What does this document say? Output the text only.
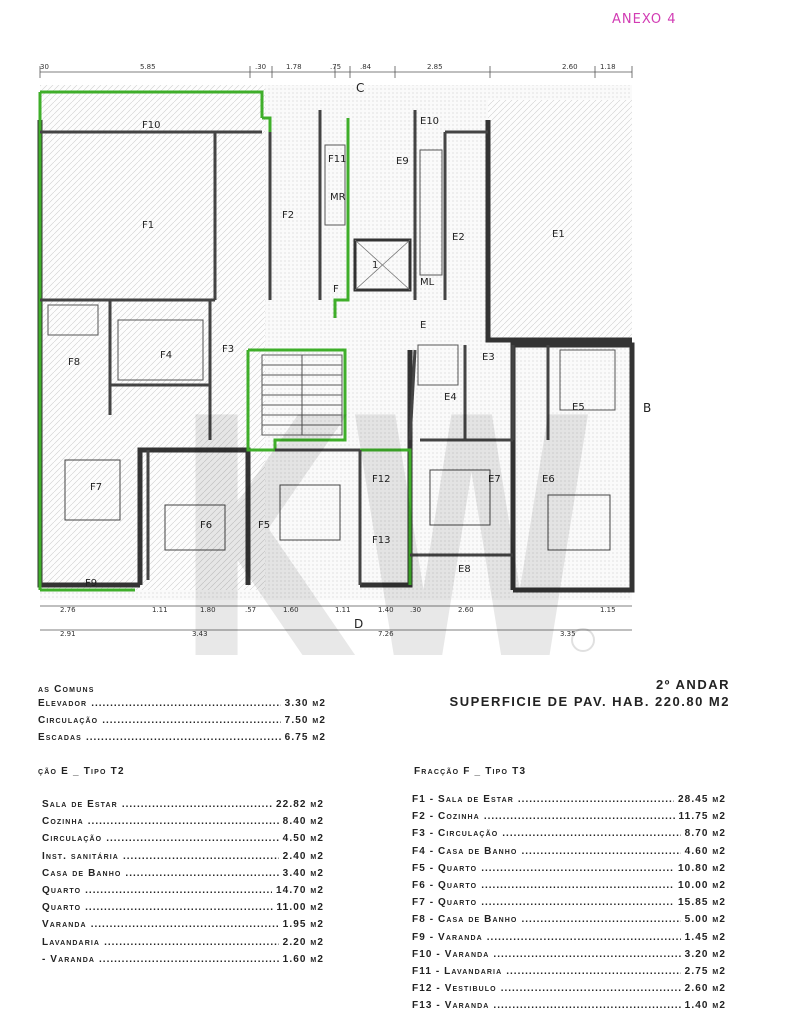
ANEXO 4
30	5.85	.30	1.78	.75	.84	2.85	2.60	1.18
C
D
B
F10
F11
F2
F1
F3
F4
F8
F7
F6	F5
F9
F12
F13
E10
E9
E2	E1
E3
E4
E5
E6
E7
E8
1
ML
MR
F
E
2.76	1.11	1.80	.57	1.60	1.11	1.40 .30	2.60	1.15
2.91	3.43	7.26	3.35
KW	2º ANDAR
SUPERFICIE DE PAV. HAB. 220.80 M2
as Comuns
Elevador .....	3.30 m2
Circulação .....	7.50 m2
Escadas .....	6.75 m2
ção E _ Tipo T2
Sala de Estar .....	22.82 m2
Cozinha .....	8.40 m2
Circulação .....	4.50 m2
Inst. sanitária .....	2.40 m2
Casa de Banho .....	3.40 m2
Quarto .....	14.70 m2
Quarto .....	11.00 m2
Varanda .....	1.95 m2
Lavandaria .....	2.20 m2
- Varanda .....	1.60 m2
Fracção F _ Tipo T3
F1 - Sala de Estar .....	28.45 m2
F2 - Cozinha .....	11.75 m2
F3 - Circulação .....	8.70 m2
F4 - Casa de Banho .....	4.60 m2
F5 - Quarto .....	10.80 m2
F6 - Quarto .....	10.00 m2
F7 - Quarto .....	15.85 m2
F8 - Casa de Banho .....	5.00 m2
F9 - Varanda .....	1.45 m2
F10 - Varanda .....	3.20 m2
F11 - Lavandaria .....	2.75 m2
F12 - Vestibulo .....	2.60 m2
F13 - Varanda .....	1.40 m2
